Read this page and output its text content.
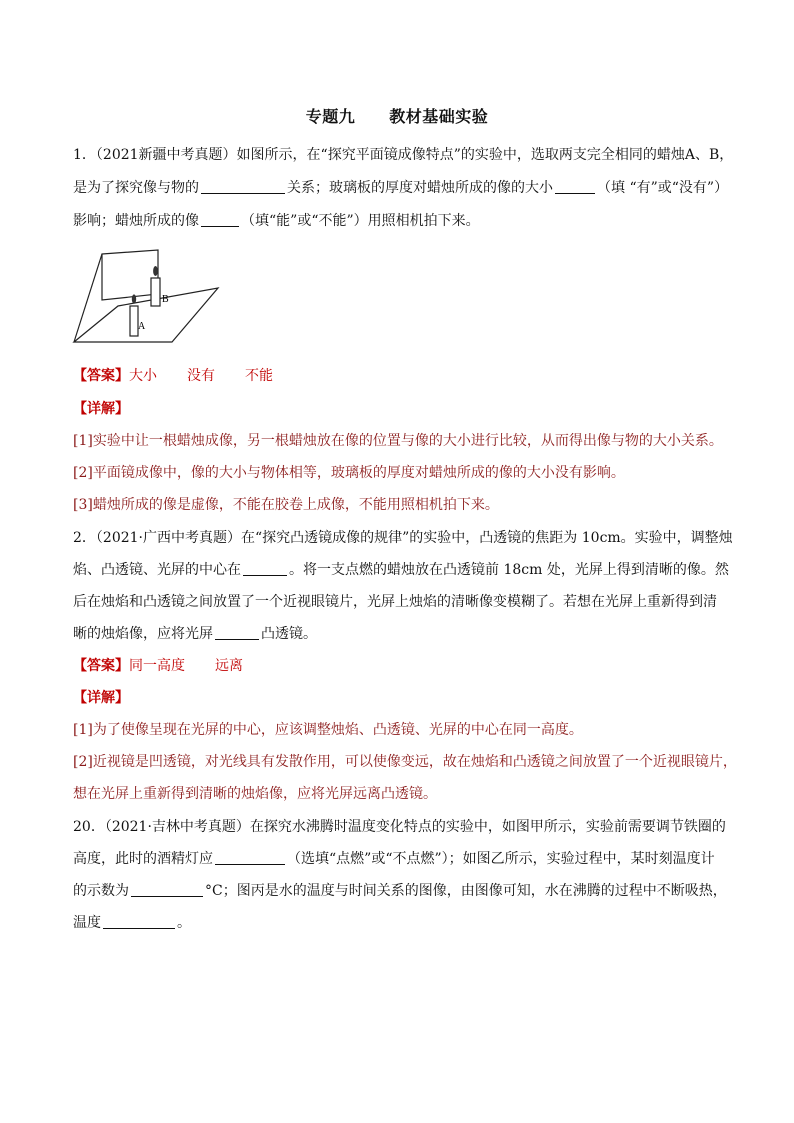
专题九 教材基础实验
1．（2021新疆中考真题）如图所示，在“探究平面镜成像特点”的实验中，选取两支完全相同的蜡烛A、B，
是为了探究像与物的	关系；玻璃板的厚度对蜡烛所成的像的大小	（填 “有”或“没有”）
影响；蜡烛所成的像	（填“能”或“不能”）用照相机拍下来。
B
A
【答案】大小 没有 不能
【详解】
[1]实验中让一根蜡烛成像，另一根蜡烛放在像的位置与像的大小进行比较，从而得出像与物的大小关系。
[2]平面镜成像中，像的大小与物体相等，玻璃板的厚度对蜡烛所成的像的大小没有影响。
[3]蜡烛所成的像是虚像，不能在胶卷上成像，不能用照相机拍下来。
2．（2021·广西中考真题）在“探究凸透镜成像的规律”的实验中，凸透镜的焦距为 10cm。实验中，调整烛
焰、凸透镜、光屏的中心在	。将一支点燃的蜡烛放在凸透镜前 18cm 处，光屏上得到清晰的像。然
后在烛焰和凸透镜之间放置了一个近视眼镜片，光屏上烛焰的清晰像变模糊了。若想在光屏上重新得到清
晰的烛焰像，应将光屏	凸透镜。
【答案】同一高度 远离
【详解】
[1]为了使像呈现在光屏的中心，应该调整烛焰、凸透镜、光屏的中心在同一高度。
[2]近视镜是凹透镜，对光线具有发散作用，可以使像变远，故在烛焰和凸透镜之间放置了一个近视眼镜片，
想在光屏上重新得到清晰的烛焰像，应将光屏远离凸透镜。
20．（2021·吉林中考真题）在探究水沸腾时温度变化特点的实验中，如图甲所示，实验前需要调节铁圈的
高度，此时的酒精灯应	（选填“点燃”或“不点燃”）；如图乙所示，实验过程中，某时刻温度计
的示数为	°C；图丙是水的温度与时间关系的图像，由图像可知，水在沸腾的过程中不断吸热，
温度	。
